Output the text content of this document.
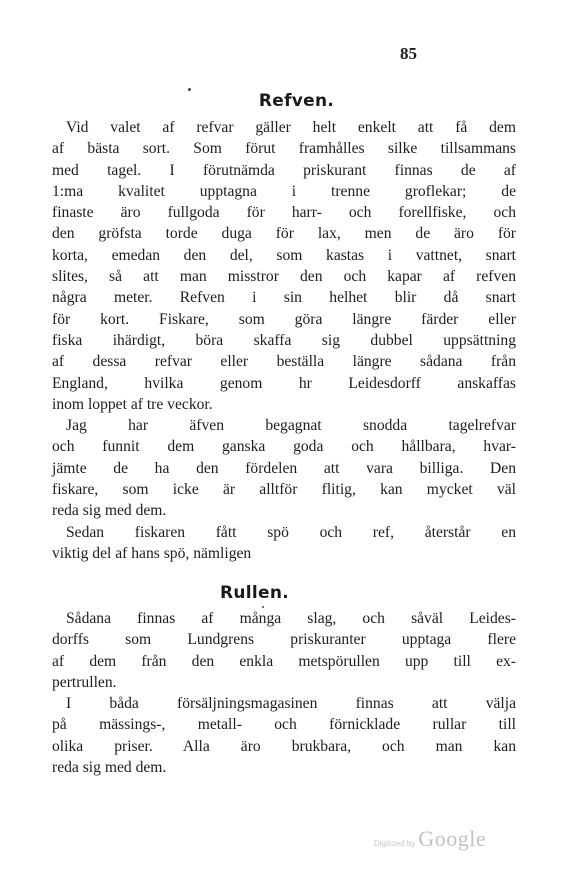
85
Refven.
Vid valet af refvar gäller helt enkelt att få dem
af bästa sort. Som förut framhålles silke tillsammans
med tagel. I förutnämda priskurant finnas de af
1:ma kvalitet upptagna i trenne groflekar; de
finaste äro fullgoda för harr- och forellfiske, och
den gröfsta torde duga för lax, men de äro för
korta, emedan den del, som kastas i vattnet, snart
slites, så att man misstror den och kapar af refven
några meter. Refven i sin helhet blir då snart
för kort. Fiskare, som göra längre färder eller
fiska ihärdigt, böra skaffa sig dubbel uppsättning
af dessa refvar eller beställa längre sådana från
England, hvilka genom hr Leidesdorff anskaffas
inom loppet af tre veckor.
Jag har äfven begagnat snodda tagelrefvar
och funnit dem ganska goda och hållbara, hvar-
jämte de ha den fördelen att vara billiga. Den
fiskare, som icke är alltför flitig, kan mycket väl
reda sig med dem.
Sedan fiskaren fått spö och ref, återstår en
viktig del af hans spö, nämligen
Rullen.
Sådana finnas af många slag, och såväl Leides-
dorffs som Lundgrens priskuranter upptaga flere
af dem från den enkla metspörullen upp till ex-
pertrullen.
I båda försäljningsmagasinen finnas att välja
på mässings-, metall- och förnicklade rullar till
olika priser. Alla äro brukbara, och man kan
reda sig med dem.
Digitized by Google
